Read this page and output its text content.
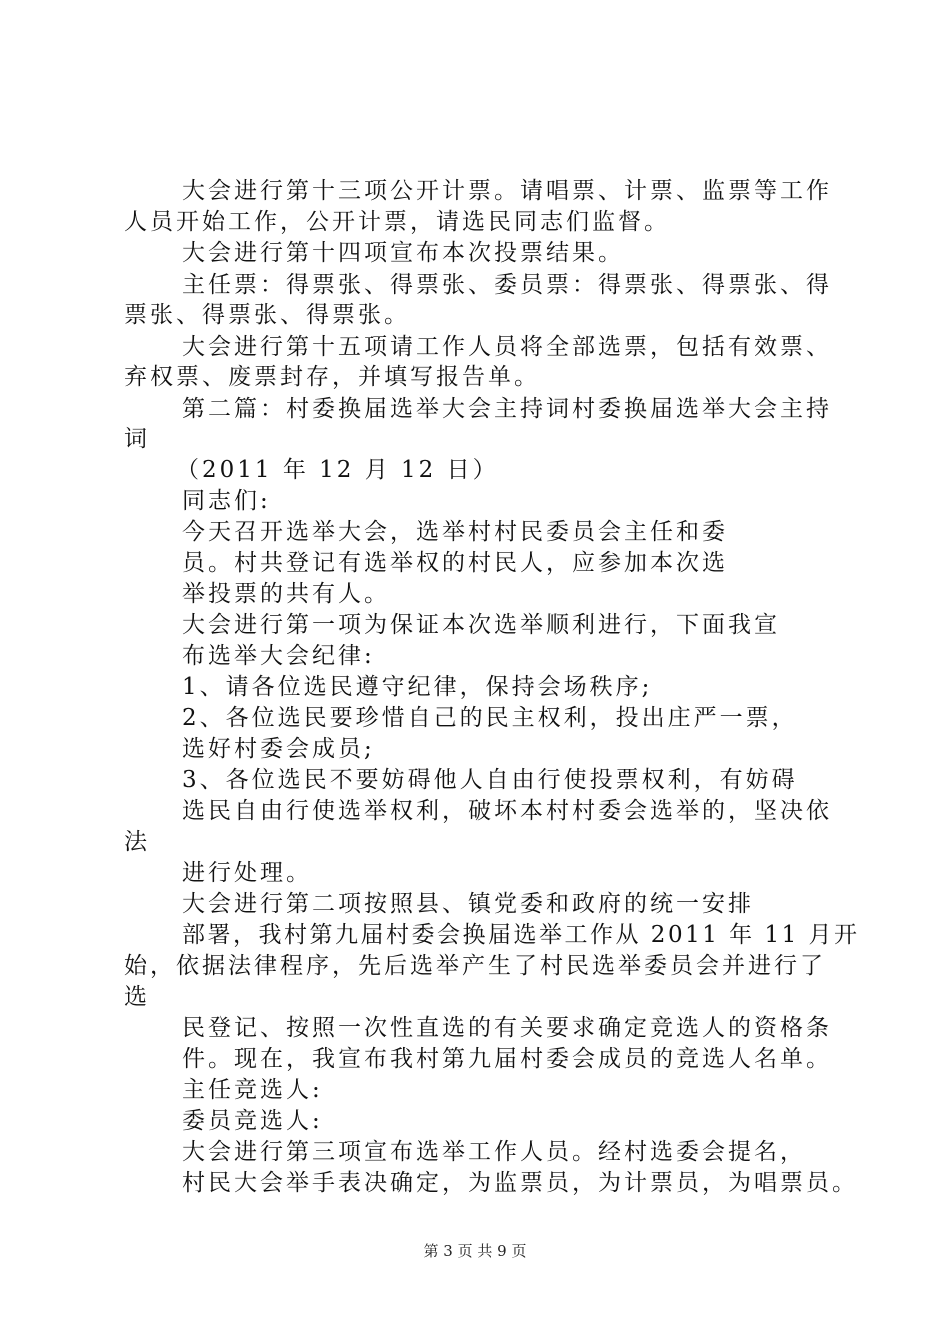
大会进行第十三项公开计票。请唱票、计票、监票等工作
人员开始工作，公开计票，请选民同志们监督。
大会进行第十四项宣布本次投票结果。
主任票：得票张、得票张、委员票：得票张、得票张、得
票张、得票张、得票张。
大会进行第十五项请工作人员将全部选票，包括有效票、
弃权票、废票封存，并填写报告单。
第二篇：村委换届选举大会主持词村委换届选举大会主持
词
（2011 年 12 月 12 日）
同志们:
今天召开选举大会，选举村村民委员会主任和委
员。村共登记有选举权的村民人，应参加本次选
举投票的共有人。
大会进行第一项为保证本次选举顺利进行，下面我宣
布选举大会纪律:
1、请各位选民遵守纪律，保持会场秩序;
2、各位选民要珍惜自己的民主权利，投出庄严一票，
选好村委会成员;
3、各位选民不要妨碍他人自由行使投票权利，有妨碍
选民自由行使选举权利，破坏本村村委会选举的，坚决依
法
进行处理。
大会进行第二项按照县、镇党委和政府的统一安排
部署，我村第九届村委会换届选举工作从 2011 年 11 月开
始，依据法律程序，先后选举产生了村民选举委员会并进行了
选
民登记、按照一次性直选的有关要求确定竞选人的资格条
件。现在，我宣布我村第九届村委会成员的竞选人名单。
主任竞选人:
委员竞选人:
大会进行第三项宣布选举工作人员。经村选委会提名，
村民大会举手表决确定，为监票员，为计票员，为唱票员。
第 3 页 共 9 页
